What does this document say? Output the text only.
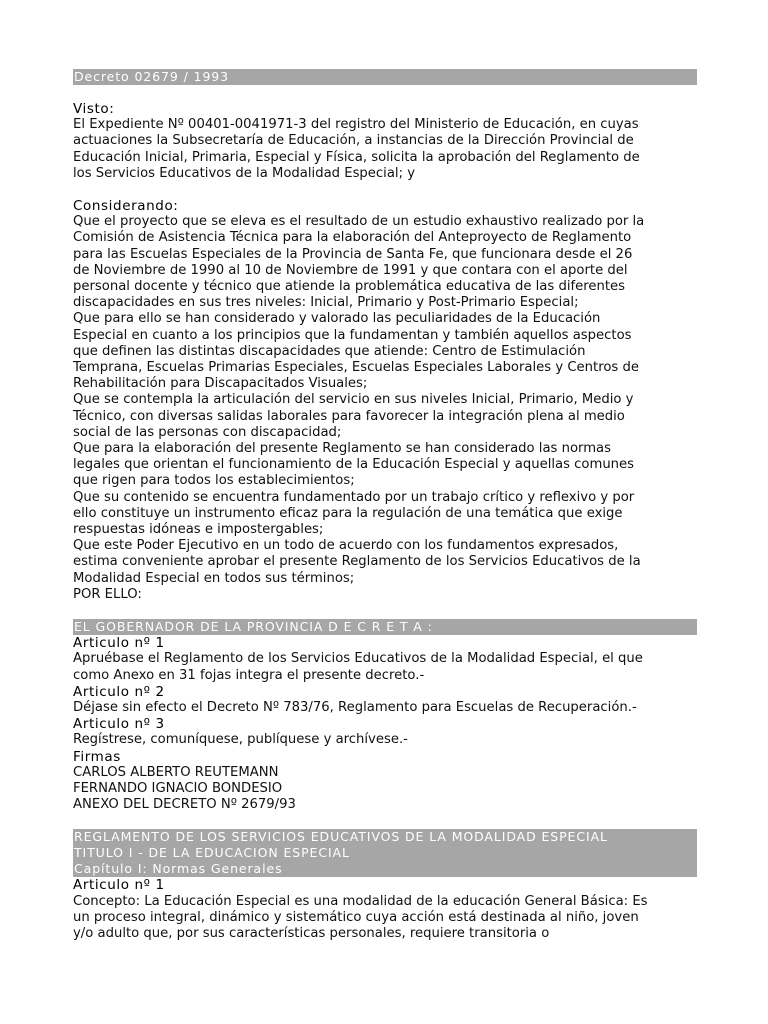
Decreto 02679 / 1993
Visto:
El Expediente Nº 00401-0041971-3 del registro del Ministerio de Educación, en cuyas
actuaciones la Subsecretaría de Educación, a instancias de la Dirección Provincial de
Educación Inicial, Primaria, Especial y Física, solicita la aprobación del Reglamento de
los Servicios Educativos de la Modalidad Especial; y
Considerando:
Que el proyecto que se eleva es el resultado de un estudio exhaustivo realizado por la
Comisión de Asistencia Técnica para la elaboración del Anteproyecto de Reglamento
para las Escuelas Especiales de la Provincia de Santa Fe, que funcionara desde el 26
de Noviembre de 1990 al 10 de Noviembre de 1991 y que contara con el aporte del
personal docente y técnico que atiende la problemática educativa de las diferentes
discapacidades en sus tres niveles: Inicial, Primario y Post-Primario Especial;
Que para ello se han considerado y valorado las peculiaridades de la Educación
Especial en cuanto a los principios que la fundamentan y también aquellos aspectos
que definen las distintas discapacidades que atiende: Centro de Estimulación
Temprana, Escuelas Primarias Especiales, Escuelas Especiales Laborales y Centros de
Rehabilitación para Discapacitados Visuales;
Que se contempla la articulación del servicio en sus niveles Inicial, Primario, Medio y
Técnico, con diversas salidas laborales para favorecer la integración plena al medio
social de las personas con discapacidad;
Que para la elaboración del presente Reglamento se han considerado las normas
legales que orientan el funcionamiento de la Educación Especial y aquellas comunes
que rigen para todos los establecimientos;
Que su contenido se encuentra fundamentado por un trabajo crítico y reflexivo y por
ello constituye un instrumento eficaz para la regulación de una temática que exige
respuestas idóneas e impostergables;
Que este Poder Ejecutivo en un todo de acuerdo con los fundamentos expresados,
estima conveniente aprobar el presente Reglamento de los Servicios Educativos de la
Modalidad Especial en todos sus términos;
POR ELLO:
EL GOBERNADOR DE LA PROVINCIA D E C R E T A :
Articulo nº 1
Apruébase el Reglamento de los Servicios Educativos de la Modalidad Especial, el que
como Anexo en 31 fojas integra el presente decreto.-
Articulo nº 2
Déjase sin efecto el Decreto Nº 783/76, Reglamento para Escuelas de Recuperación.-
Articulo nº 3
Regístrese, comuníquese, publíquese y archívese.-
Firmas
CARLOS ALBERTO REUTEMANN
FERNANDO IGNACIO BONDESIO
ANEXO DEL DECRETO Nº 2679/93
REGLAMENTO DE LOS SERVICIOS EDUCATIVOS DE LA MODALIDAD ESPECIAL
TITULO I - DE LA EDUCACION ESPECIAL
Capítulo I: Normas Generales
Articulo nº 1
Concepto: La Educación Especial es una modalidad de la educación General Básica: Es
un proceso integral, dinámico y sistemático cuya acción está destinada al niño, joven
y/o adulto que, por sus características personales, requiere transitoria o
